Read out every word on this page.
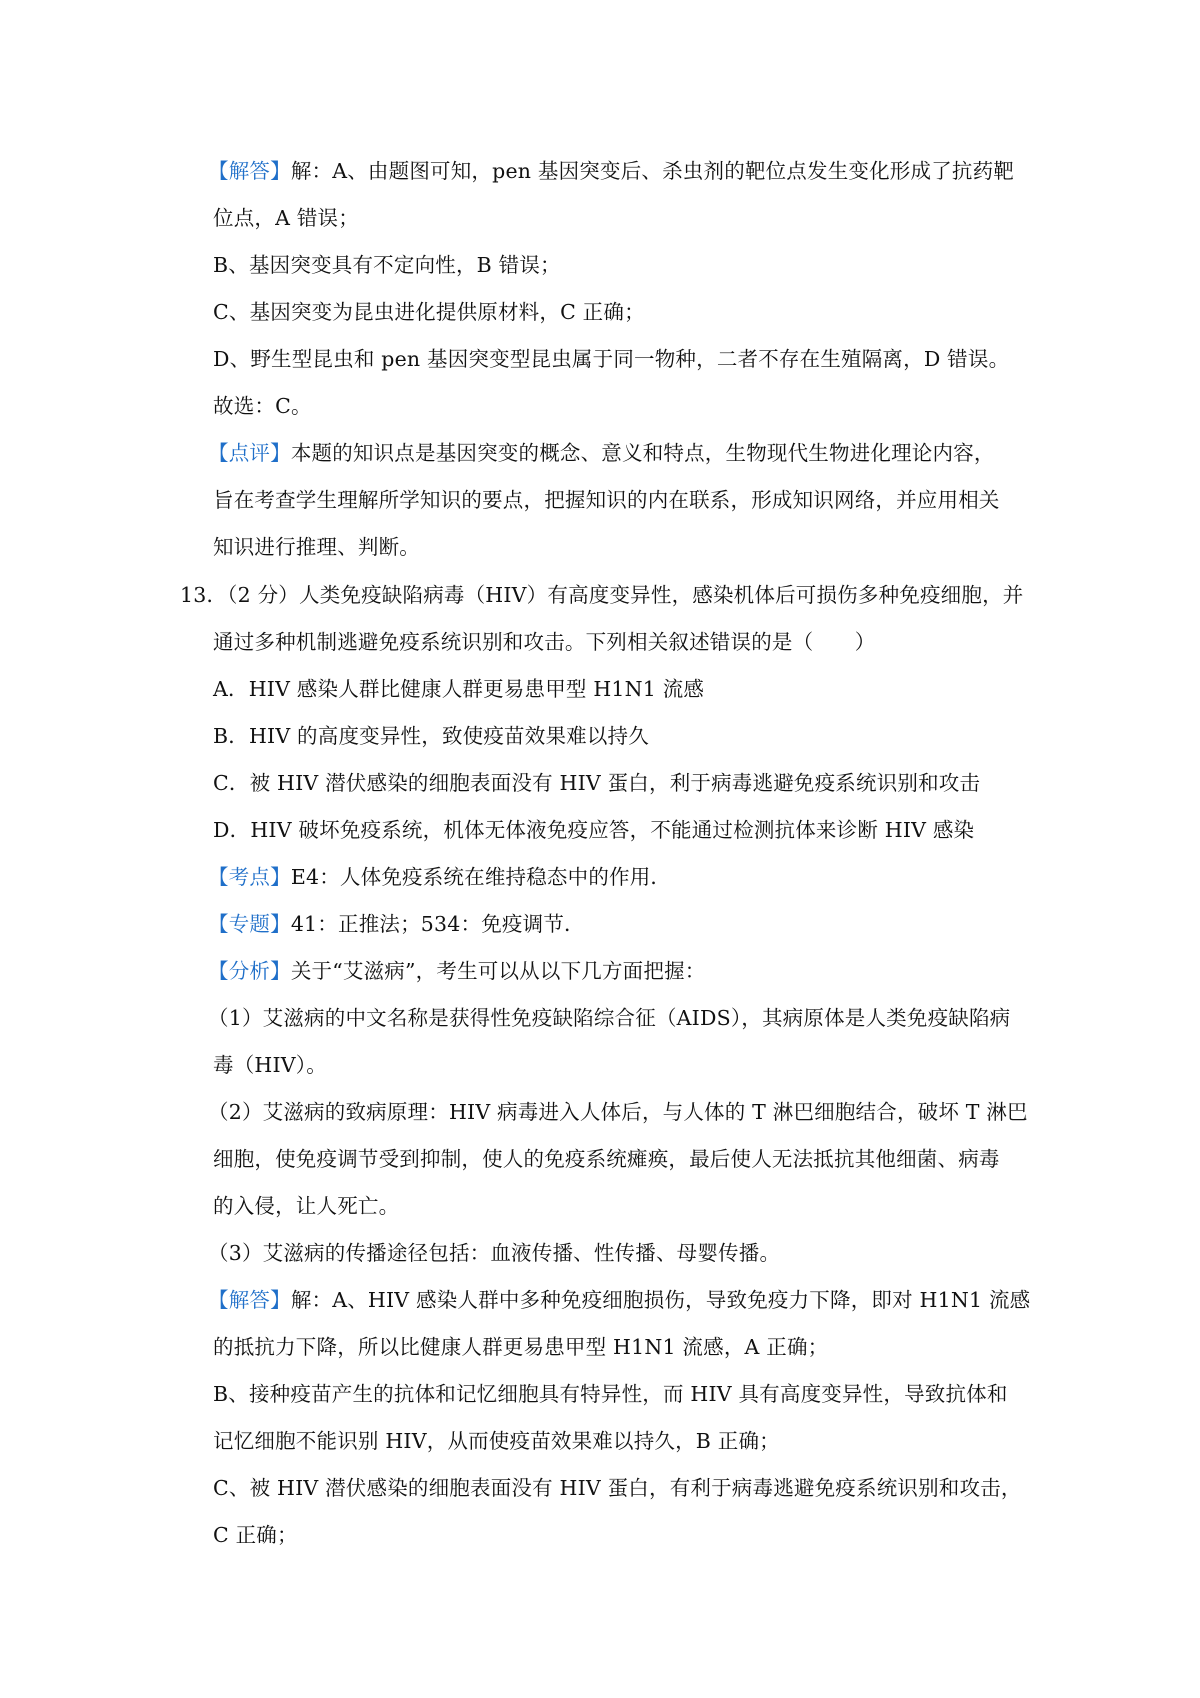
【解答】解：A、由题图可知，pen 基因突变后、杀虫剂的靶位点发生变化形成了抗药靶
位点，A 错误；
B、基因突变具有不定向性，B 错误；
C、基因突变为昆虫进化提供原材料，C 正确；
D、野生型昆虫和 pen 基因突变型昆虫属于同一物种，二者不存在生殖隔离，D 错误。
故选：C。
【点评】本题的知识点是基因突变的概念、意义和特点，生物现代生物进化理论内容，
旨在考查学生理解所学知识的要点，把握知识的内在联系，形成知识网络，并应用相关
知识进行推理、判断。
13．（2 分）人类免疫缺陷病毒（HIV）有高度变异性，感染机体后可损伤多种免疫细胞，并
通过多种机制逃避免疫系统识别和攻击。下列相关叙述错误的是（　　）
A．HIV 感染人群比健康人群更易患甲型 H1N1 流感
B．HIV 的高度变异性，致使疫苗效果难以持久
C．被 HIV 潜伏感染的细胞表面没有 HIV 蛋白，利于病毒逃避免疫系统识别和攻击
D．HIV 破坏免疫系统，机体无体液免疫应答，不能通过检测抗体来诊断 HIV 感染
【考点】E4：人体免疫系统在维持稳态中的作用．
【专题】41：正推法；534：免疫调节．
【分析】关于“艾滋病”，考生可以从以下几方面把握：
（1）艾滋病的中文名称是获得性免疫缺陷综合征（AIDS），其病原体是人类免疫缺陷病
毒（HIV）。
（2）艾滋病的致病原理：HIV 病毒进入人体后，与人体的 T 淋巴细胞结合，破坏 T 淋巴
细胞，使免疫调节受到抑制，使人的免疫系统瘫痪，最后使人无法抵抗其他细菌、病毒
的入侵，让人死亡。
（3）艾滋病的传播途径包括：血液传播、性传播、母婴传播。
【解答】解：A、HIV 感染人群中多种免疫细胞损伤，导致免疫力下降，即对 H1N1 流感
的抵抗力下降，所以比健康人群更易患甲型 H1N1 流感，A 正确；
B、接种疫苗产生的抗体和记忆细胞具有特异性，而 HIV 具有高度变异性，导致抗体和
记忆细胞不能识别 HIV，从而使疫苗效果难以持久，B 正确；
C、被 HIV 潜伏感染的细胞表面没有 HIV 蛋白，有利于病毒逃避免疫系统识别和攻击，
C 正确；
